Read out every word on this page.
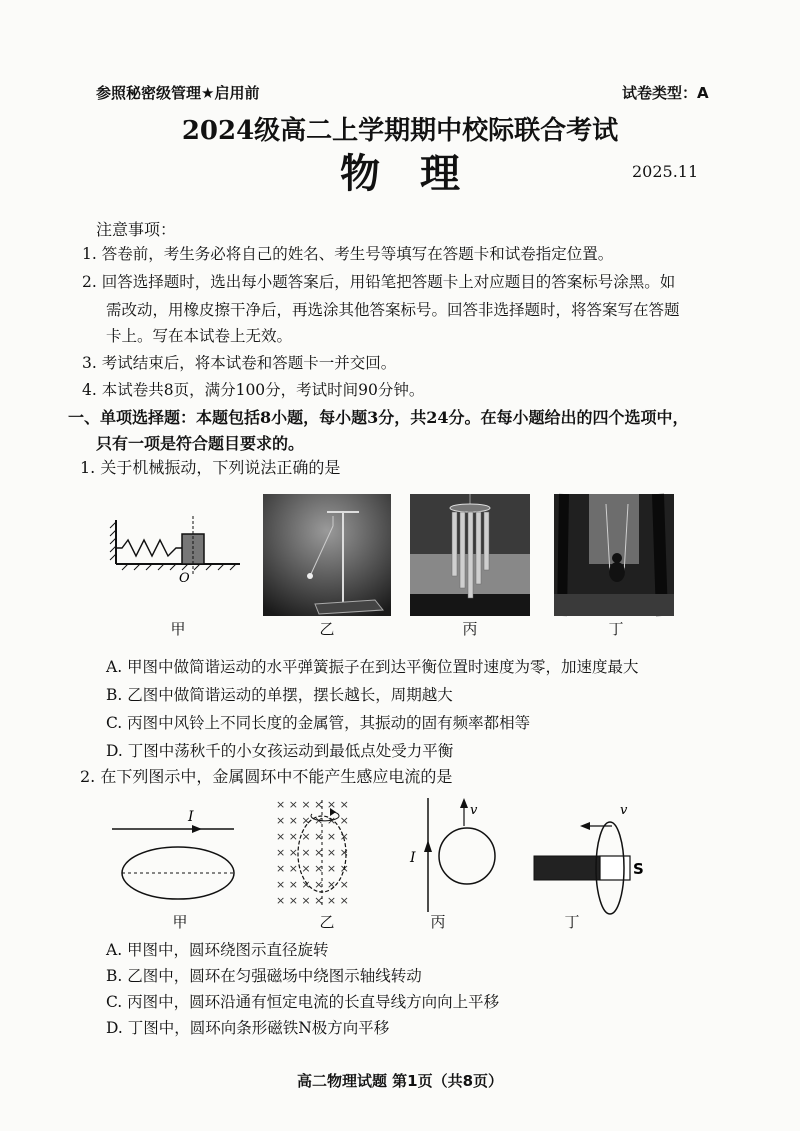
参照秘密级管理★启用前	试卷类型：A
2024级高二上学期期中校际联合考试
物理	2025.11
注意事项：
1. 答卷前，考生务必将自己的姓名、考生号等填写在答题卡和试卷指定位置。
2. 回答选择题时，选出每小题答案后，用铅笔把答题卡上对应题目的答案标号涂黑。如
需改动，用橡皮擦干净后，再选涂其他答案标号。回答非选择题时，将答案写在答题
卡上。写在本试卷上无效。
3. 考试结束后，将本试卷和答题卡一并交回。
4. 本试卷共8页，满分100分，考试时间90分钟。
一、单项选择题：本题包括8小题，每小题3分，共24分。在每小题给出的四个选项中，
只有一项是符合题目要求的。
1. 关于机械振动，下列说法正确的是
O
甲	乙	丙	丁
A. 甲图中做简谐运动的水平弹簧振子在到达平衡位置时速度为零，加速度最大
B. 乙图中做简谐运动的单摆，摆长越长，周期越大
C. 丙图中风铃上不同长度的金属管，其振动的固有频率都相等
D. 丁图中荡秋千的小女孩运动到最低点处受力平衡
2. 在下列图示中，金属圆环中不能产生感应电流的是
I
× × × × × ×
× × × × × ×
× × × × × ×
× × × × × ×
× × × × × ×
× × × × × ×
× × × × × ×
I
v
S
v
甲	乙	丙	丁
A. 甲图中，圆环绕图示直径旋转
B. 乙图中，圆环在匀强磁场中绕图示轴线转动
C. 丙图中，圆环沿通有恒定电流的长直导线方向向上平移
D. 丁图中，圆环向条形磁铁N极方向平移
高二物理试题 第1页（共8页）
